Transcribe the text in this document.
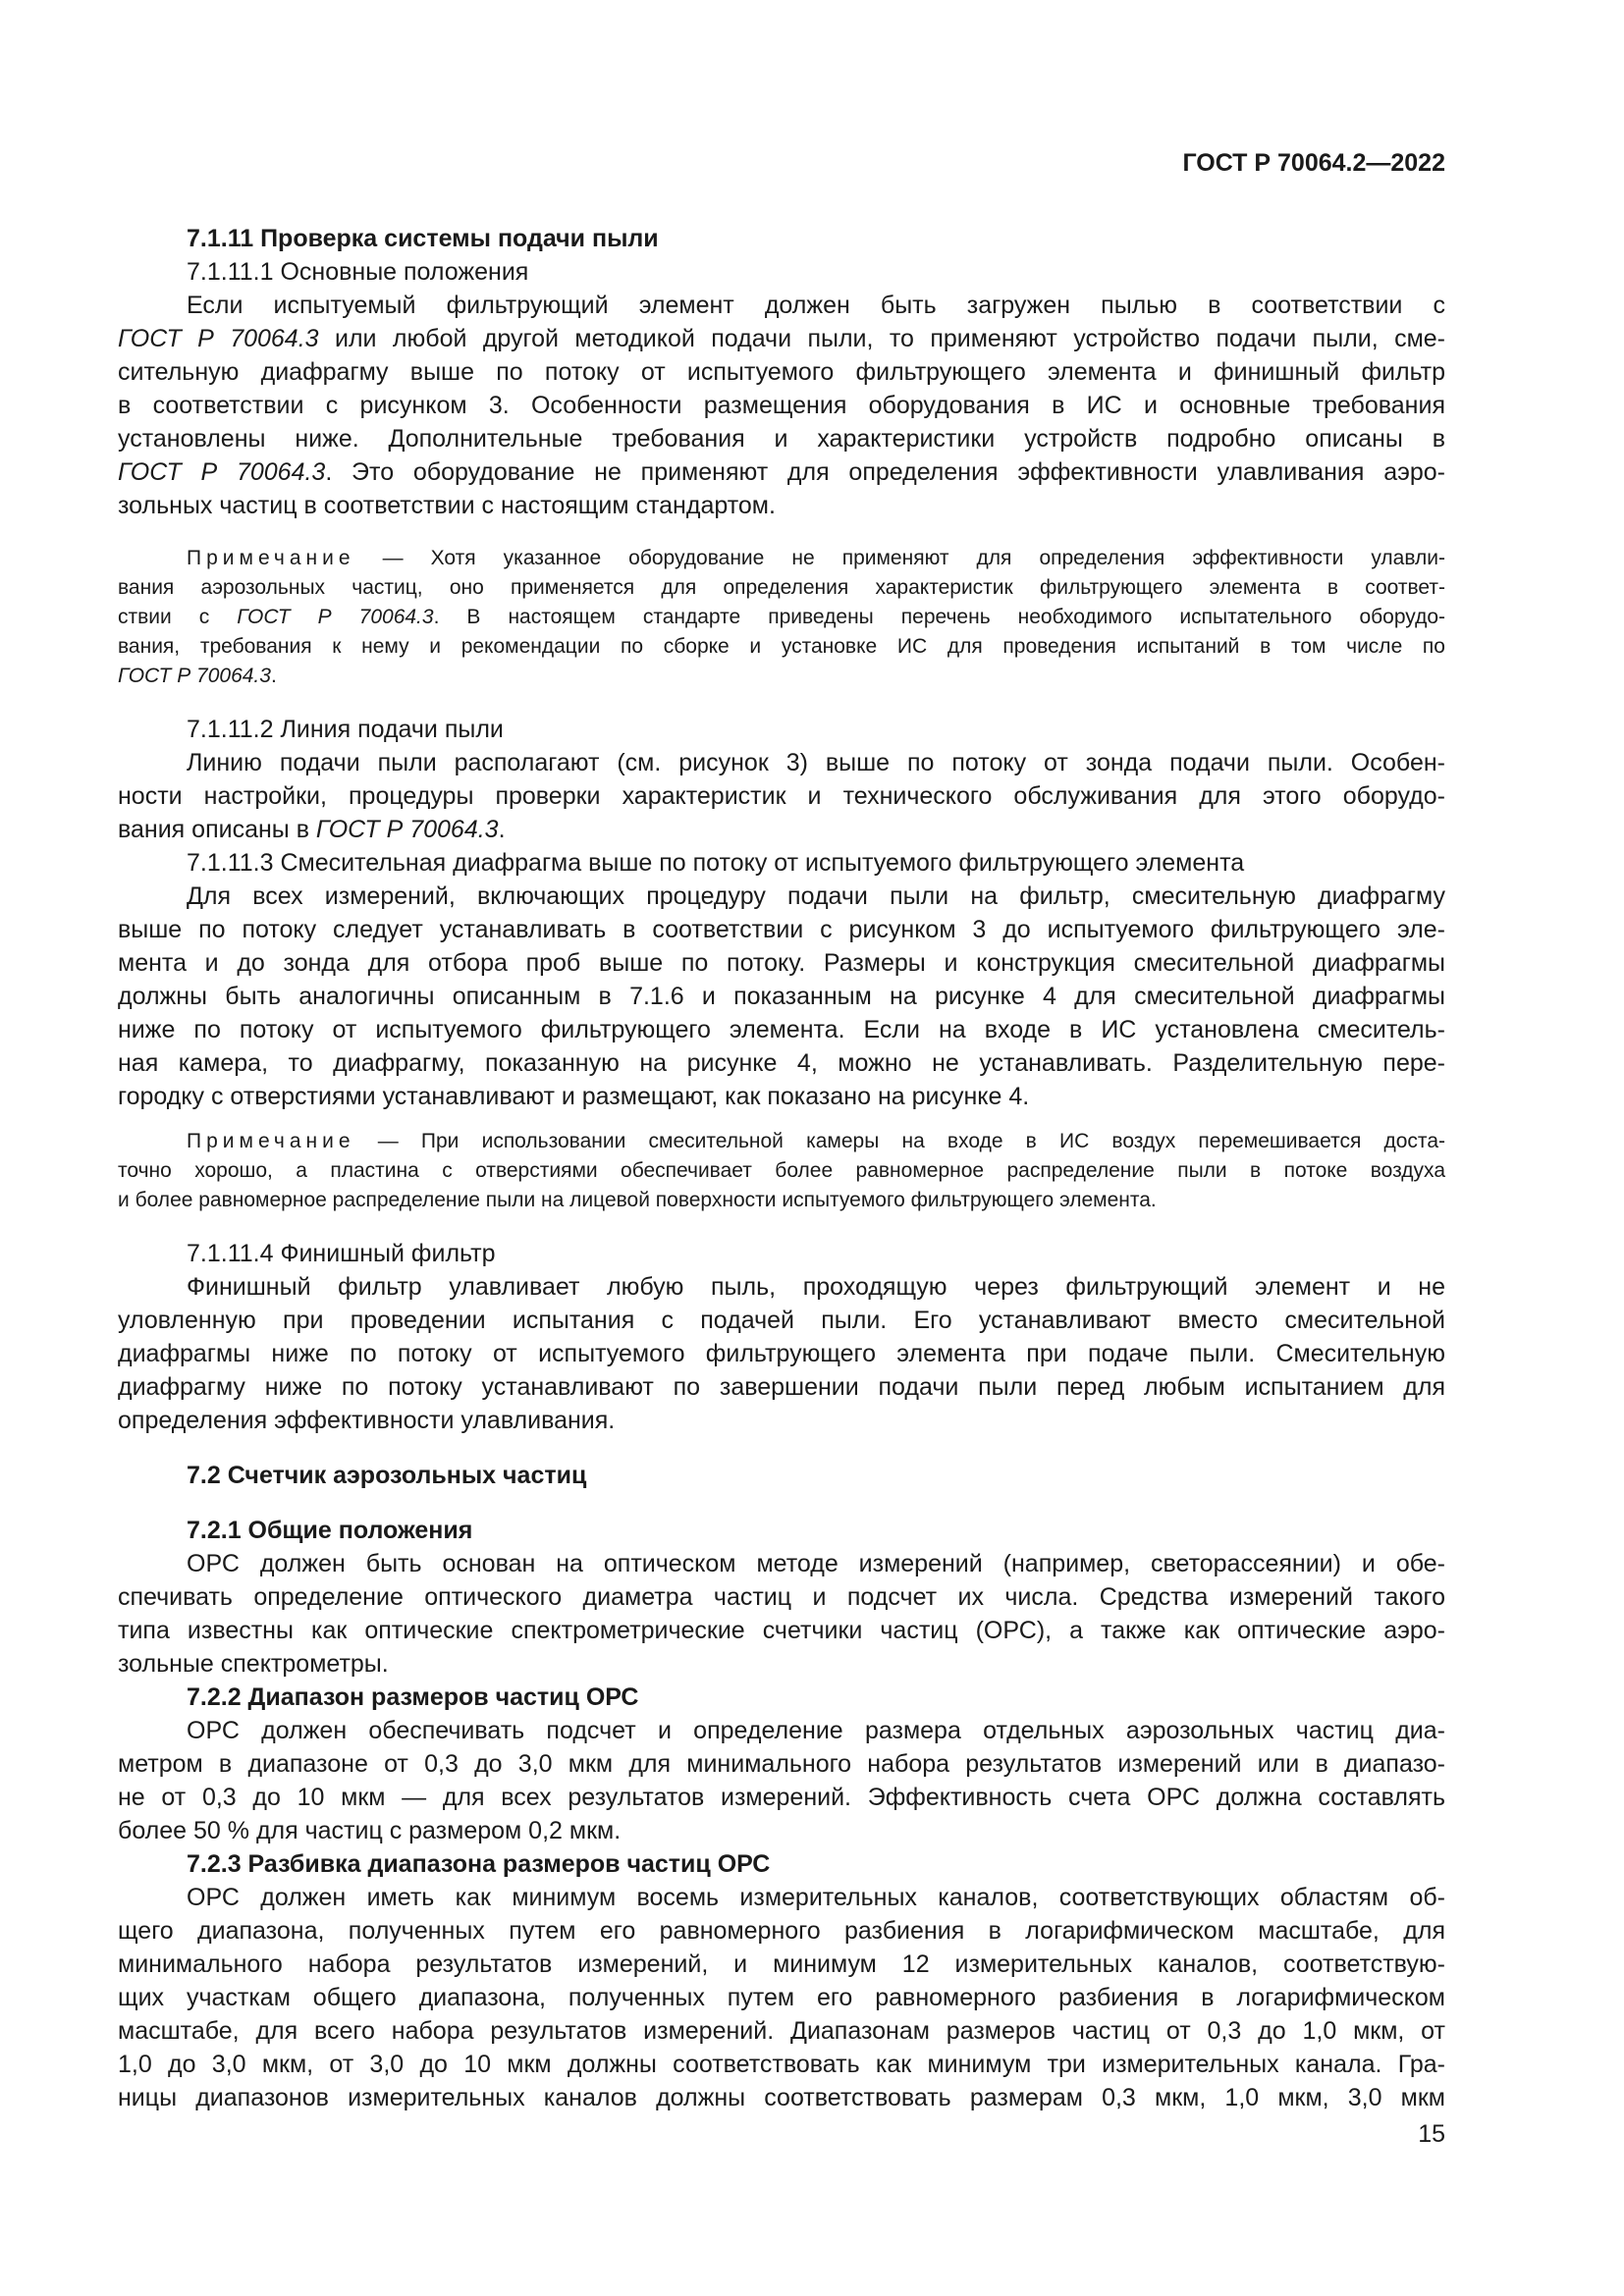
ГОСТ Р 70064.2—2022
7.1.11 Проверка системы подачи пыли
7.1.11.1 Основные положения
Если испытуемый фильтрующий элемент должен быть загружен пылью в соответствии с
ГОСТ Р 70064.3 или любой другой методикой подачи пыли, то применяют устройство подачи пыли, сме-
сительную диафрагму выше по потоку от испытуемого фильтрующего элемента и финишный фильтр
в соответствии с рисунком 3. Особенности размещения оборудования в ИС и основные требования
установлены ниже. Дополнительные требования и характеристики устройств подробно описаны в
ГОСТ Р 70064.3. Это оборудование не применяют для определения эффективности улавливания аэро-
зольных частиц в соответствии с настоящим стандартом.
Примечание — Хотя указанное оборудование не применяют для определения эффективности улавли-
вания аэрозольных частиц, оно применяется для определения характеристик фильтрующего элемента в соответ-
ствии с ГОСТ Р 70064.3. В настоящем стандарте приведены перечень необходимого испытательного оборудо-
вания, требования к нему и рекомендации по сборке и установке ИС для проведения испытаний в том числе по
ГОСТ Р 70064.3.
7.1.11.2 Линия подачи пыли
Линию подачи пыли располагают (см. рисунок 3) выше по потоку от зонда подачи пыли. Особен-
ности настройки, процедуры проверки характеристик и технического обслуживания для этого оборудо-
вания описаны в ГОСТ Р 70064.3.
7.1.11.3 Смесительная диафрагма выше по потоку от испытуемого фильтрующего элемента
Для всех измерений, включающих процедуру подачи пыли на фильтр, смесительную диафрагму
выше по потоку следует устанавливать в соответствии с рисунком 3 до испытуемого фильтрующего эле-
мента и до зонда для отбора проб выше по потоку. Размеры и конструкция смесительной диафрагмы
должны быть аналогичны описанным в 7.1.6 и показанным на рисунке 4 для смесительной диафрагмы
ниже по потоку от испытуемого фильтрующего элемента. Если на входе в ИС установлена смеситель-
ная камера, то диафрагму, показанную на рисунке 4, можно не устанавливать. Разделительную пере-
городку с отверстиями устанавливают и размещают, как показано на рисунке 4.
Примечание — При использовании смесительной камеры на входе в ИС воздух перемешивается доста-
точно хорошо, а пластина с отверстиями обеспечивает более равномерное распределение пыли в потоке воздуха
и более равномерное распределение пыли на лицевой поверхности испытуемого фильтрующего элемента.
7.1.11.4 Финишный фильтр
Финишный фильтр улавливает любую пыль, проходящую через фильтрующий элемент и не
уловленную при проведении испытания с подачей пыли. Его устанавливают вместо смесительной
диафрагмы ниже по потоку от испытуемого фильтрующего элемента при подаче пыли. Смесительную
диафрагму ниже по потоку устанавливают по завершении подачи пыли перед любым испытанием для
определения эффективности улавливания.
7.2 Счетчик аэрозольных частиц
7.2.1 Общие положения
ОРС должен быть основан на оптическом методе измерений (например, светорассеянии) и обе-
спечивать определение оптического диаметра частиц и подсчет их числа. Средства измерений такого
типа известны как оптические спектрометрические счетчики частиц (ОРС), а также как оптические аэро-
зольные спектрометры.
7.2.2 Диапазон размеров частиц ОРС
ОРС должен обеспечивать подсчет и определение размера отдельных аэрозольных частиц диа-
метром в диапазоне от 0,3 до 3,0 мкм для минимального набора результатов измерений или в диапазо-
не от 0,3 до 10 мкм — для всех результатов измерений. Эффективность счета ОРС должна составлять
более 50 % для частиц с размером 0,2 мкм.
7.2.3 Разбивка диапазона размеров частиц ОРС
ОРС должен иметь как минимум восемь измерительных каналов, соответствующих областям об-
щего диапазона, полученных путем его равномерного разбиения в логарифмическом масштабе, для
минимального набора результатов измерений, и минимум 12 измерительных каналов, соответствую-
щих участкам общего диапазона, полученных путем его равномерного разбиения в логарифмическом
масштабе, для всего набора результатов измерений. Диапазонам размеров частиц от 0,3 до 1,0 мкм, от
1,0 до 3,0 мкм, от 3,0 до 10 мкм должны соответствовать как минимум три измерительных канала. Гра-
ницы диапазонов измерительных каналов должны соответствовать размерам 0,3 мкм, 1,0 мкм, 3,0 мкм
15
